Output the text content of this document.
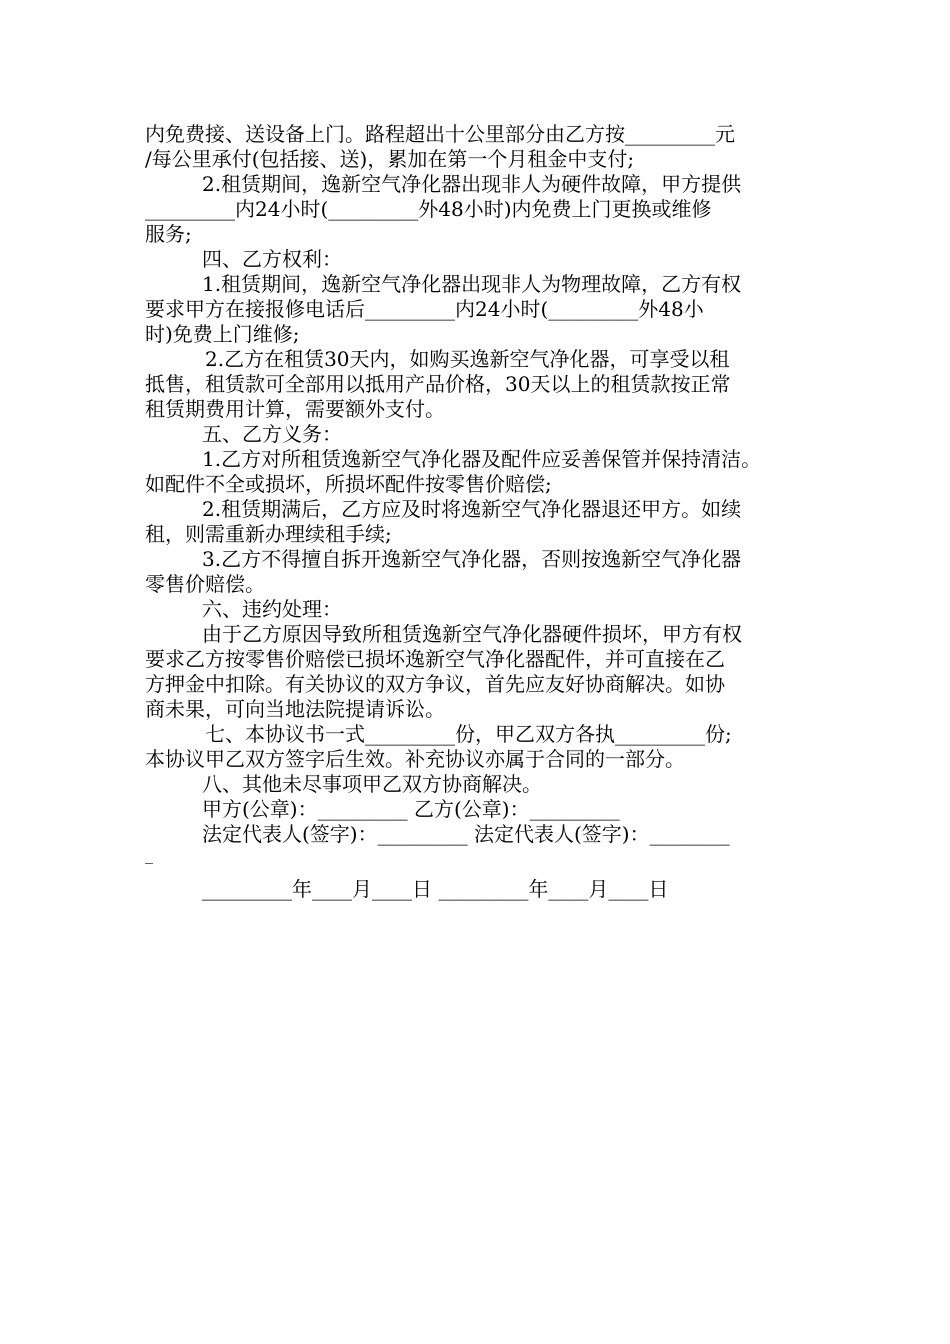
内免费接、送设备上门。路程超出十公里部分由乙方按_________元
/每公里承付(包括接、送)，累加在第一个月租金中支付;
2.租赁期间，逸新空气净化器出现非人为硬件故障，甲方提供
_________内24小时(_________外48小时)内免费上门更换或维修
服务;
四、乙方权利：
1.租赁期间，逸新空气净化器出现非人为物理故障，乙方有权
要求甲方在接报修电话后_________内24小时(_________外48小
时)免费上门维修;
2.乙方在租赁30天内，如购买逸新空气净化器，可享受以租
抵售，租赁款可全部用以抵用产品价格，30天以上的租赁款按正常
租赁期费用计算，需要额外支付。
五、乙方义务：
1.乙方对所租赁逸新空气净化器及配件应妥善保管并保持清洁。
如配件不全或损坏，所损坏配件按零售价赔偿;
2.租赁期满后，乙方应及时将逸新空气净化器退还甲方。如续
租，则需重新办理续租手续;
3.乙方不得擅自拆开逸新空气净化器，否则按逸新空气净化器
零售价赔偿。
六、违约处理：
由于乙方原因导致所租赁逸新空气净化器硬件损坏，甲方有权
要求乙方按零售价赔偿已损坏逸新空气净化器配件，并可直接在乙
方押金中扣除。有关协议的双方争议，首先应友好协商解决。如协
商未果，可向当地法院提请诉讼。
七、本协议书一式_________份，甲乙双方各执_________份;
本协议甲乙双方签字后生效。补充协议亦属于合同的一部分。
八、其他未尽事项甲乙双方协商解决。
甲方(公章)：_________ 乙方(公章)：_________
法定代表人(签字)：_________ 法定代表人(签字)：________
_
_________年____月____日 _________年____月____日
